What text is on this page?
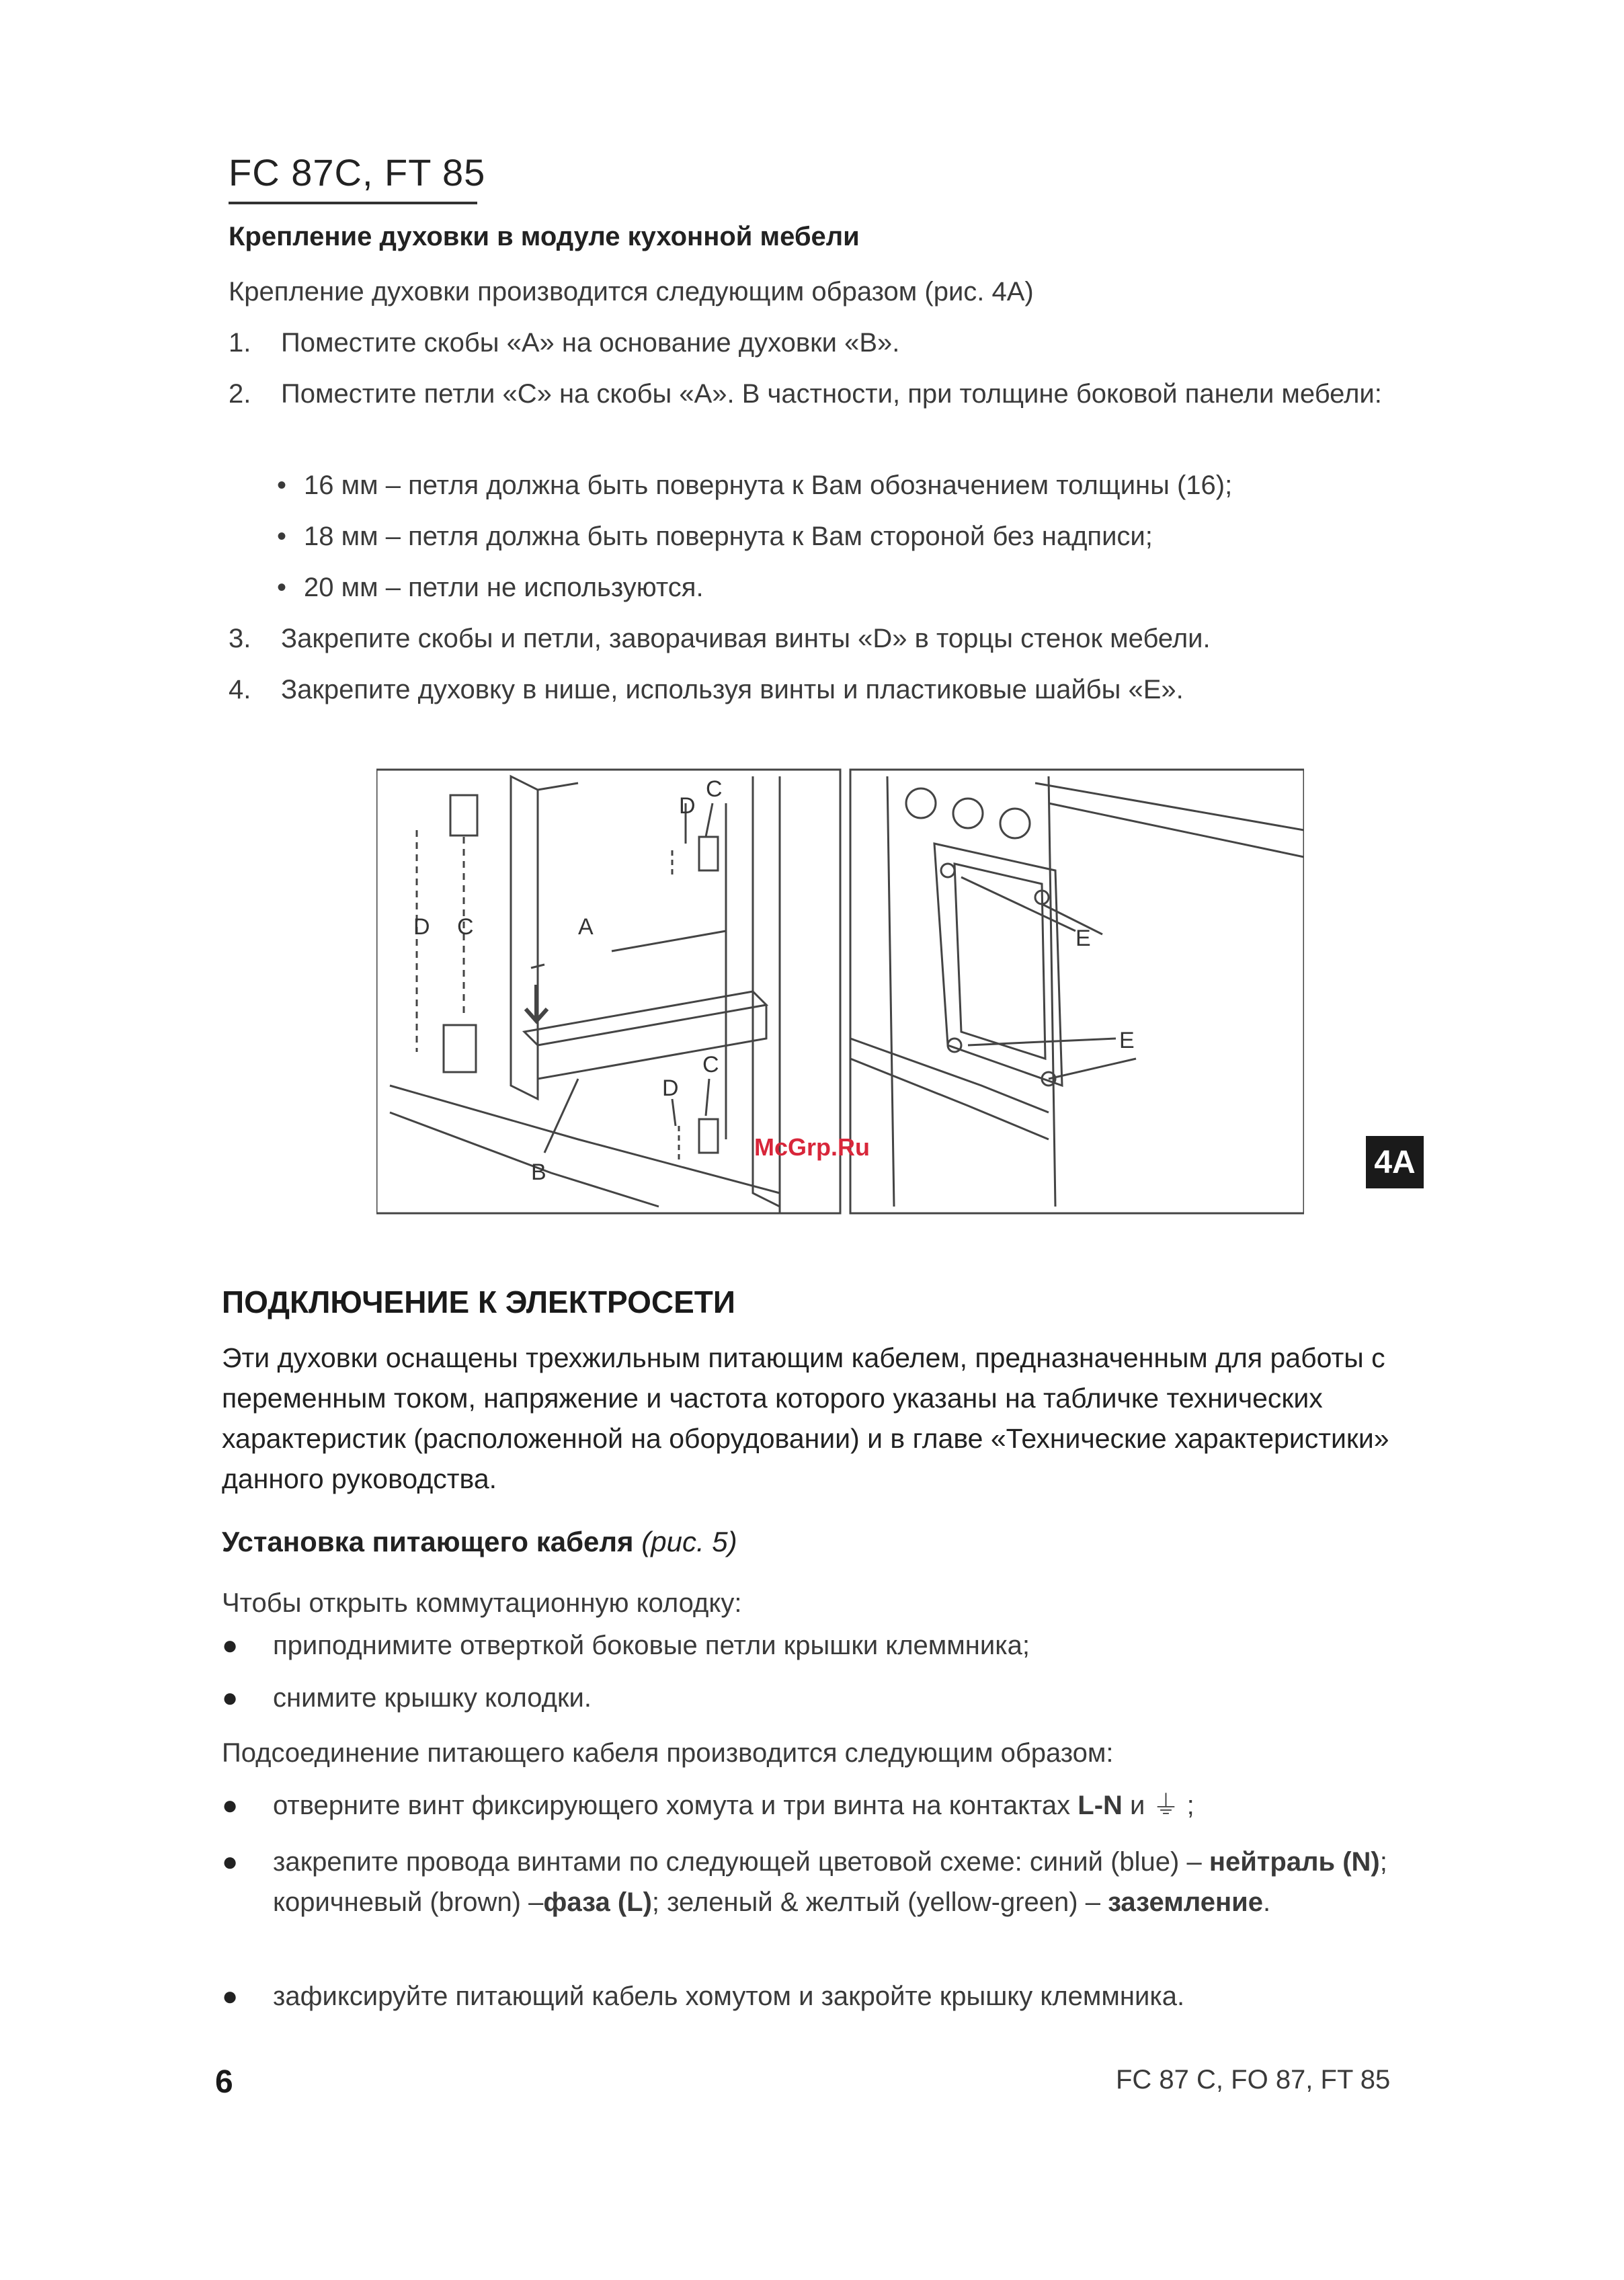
FC 87C, FT 85
Крепление духовки в модуле кухонной мебели
Крепление духовки производится следующим образом (рис. 4A)
1.	Поместите скобы «A» на основание духовки «B».
2.	Поместите петли «C» на скобы «A». В частности, при толщине боковой панели мебели:
• 16 мм – петля должна быть повернута к Вам обозначением толщины (16);
• 18 мм – петля должна быть повернута к Вам стороной без надписи;
• 20 мм – петли не используются.
3.	Закрепите скобы и петли, заворачивая винты «D» в торцы стенок мебели.
4.	Закрепите духовку в нише, используя винты и пластиковые шайбы «E».
A
B
C
C
C
D
D
D
E
E
McGrp.Ru	4A
ПОДКЛЮЧЕНИЕ К ЭЛЕКТРОСЕТИ
Эти духовки оснащены трехжильным питающим кабелем, предназначенным для работы с переменным током, напряжение и частота которого указаны на табличке технических характеристик (расположенной на оборудовании) и в главе «Технические характеристики» данного руководства.
Установка питающего кабеля (рис. 5)
Чтобы открыть коммутационную колодку:
● приподнимите отверткой боковые петли крышки клеммника;
● снимите крышку колодки.
Подсоединение питающего кабеля производится следующим образом:
● отверните винт фиксирующего хомута и три винта на контактах L-N и ⏚ ;
● закрепите провода винтами по следующей цветовой схеме: синий (blue) – нейтраль (N); коричневый (brown) –фаза (L); зеленый & желтый (yellow-green) – заземление.
● зафиксируйте питающий кабель хомутом и закройте крышку клеммника.
6	FC 87 C, FO 87, FT 85
